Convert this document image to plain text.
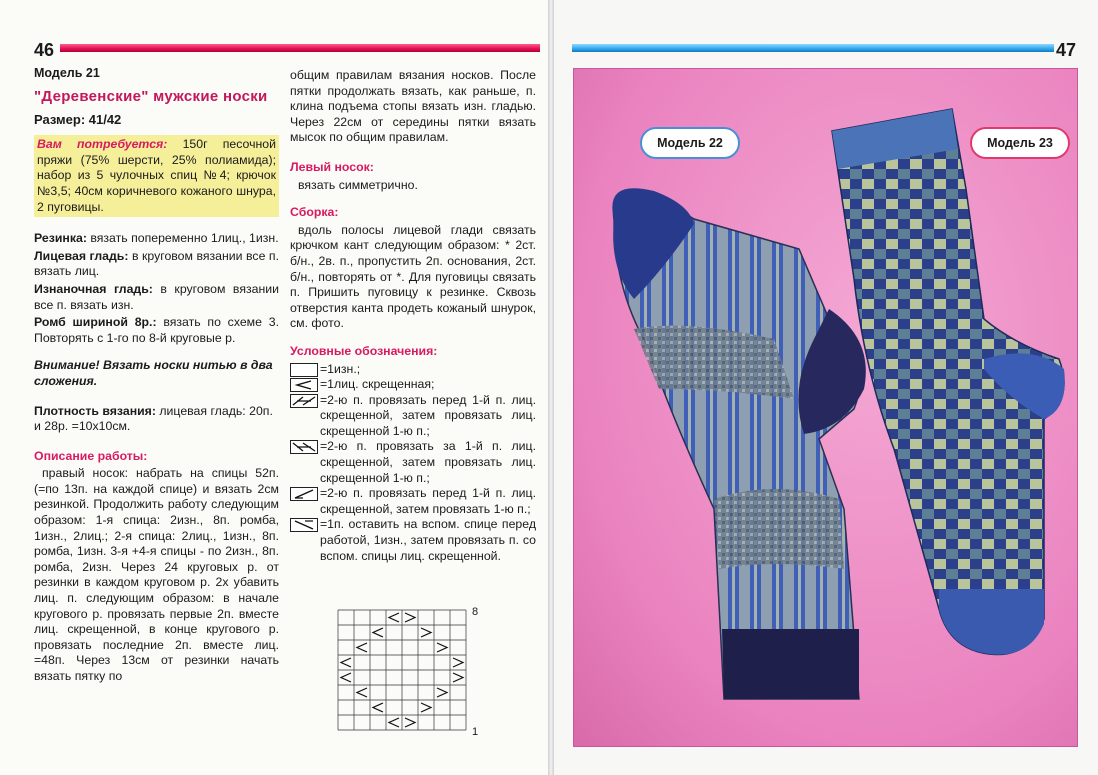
46
Модель 21
"Деревенские" мужские носки
Размер: 41/42

Вам потребуется: 150г песочной пряжи (75% шерсти, 25% полиамида); набор из 5 чулочных спиц №4; крючок №3,5; 40см коричневого кожаного шнура, 2 пуговицы.

Резинка: вязать попеременно 1лиц., 1изн.

Лицевая гладь: в круговом вязании все п. вязать лиц.

Изнаночная гладь: в круговом вязании все п. вязать изн.

Ромб шириной 8р.: вязать по схеме 3. Повторять с 1-го по 8-й круговые р.

Внимание! Вязать носки нитью в два сложения.

Плотность вязания: лицевая гладь: 20п. и 28р. =10х10см.

Описание работы:

правый носок: набрать на спицы 52п. (=по 13п. на каждой спице) и вязать 2см резинкой. Продолжить работу следующим образом: 1-я спица: 2изн., 8п. ромба, 1изн., 2лиц.; 2-я спица: 2лиц., 1изн., 8п. ромба, 1изн. 3-я +4-я спицы - по 2изн., 8п. ромба, 2изн. Через 24 круговых р. от резинки в каждом круговом р. 2х убавить лиц. п. следующим образом: в начале кругового р. провязать первые 2п. вместе лиц. скрещенной, в конце кругового р. провязать последние 2п. вместе лиц. =48п. Через 13см от резинки начать вязать пятку по

общим правилам вязания носков. После пятки продолжать вязать, как раньше, п. клина подъема стопы вязать изн. гладью. Через 22см от середины пятки вязать мысок по общим правилам.

Левый носок:

вязать симметрично.

Сборка:

вдоль полосы лицевой глади связать крючком кант следующим образом: * 2ст. б/н., 2в. п., пропустить 2п. основания, 2ст. б/н., повторять от *. Для пуговицы связать п. Пришить пуговицу к резинке. Сквозь отверстия канта продеть кожаный шнурок, см. фото.

Условные обозначения:

=1изн.;
=1лиц. скрещенная;
=2-ю п. провязать перед 1-й п. лиц. скрещенной, затем провязать лиц. скрещенной 1-ю п.;
=2-ю п. провязать за 1-й п. лиц. скрещенной, затем провязать лиц. скрещенной 1-ю п.;
=2-ю п. провязать перед 1-й п. лиц. скрещенной, затем провязать 1-ю п.;
=1п. оставить на вспом. спице перед работой, 1изн., затем провязать п. со вспом. спицы лиц. скрещенной.
8
1
47
Модель 22	Модель 23
